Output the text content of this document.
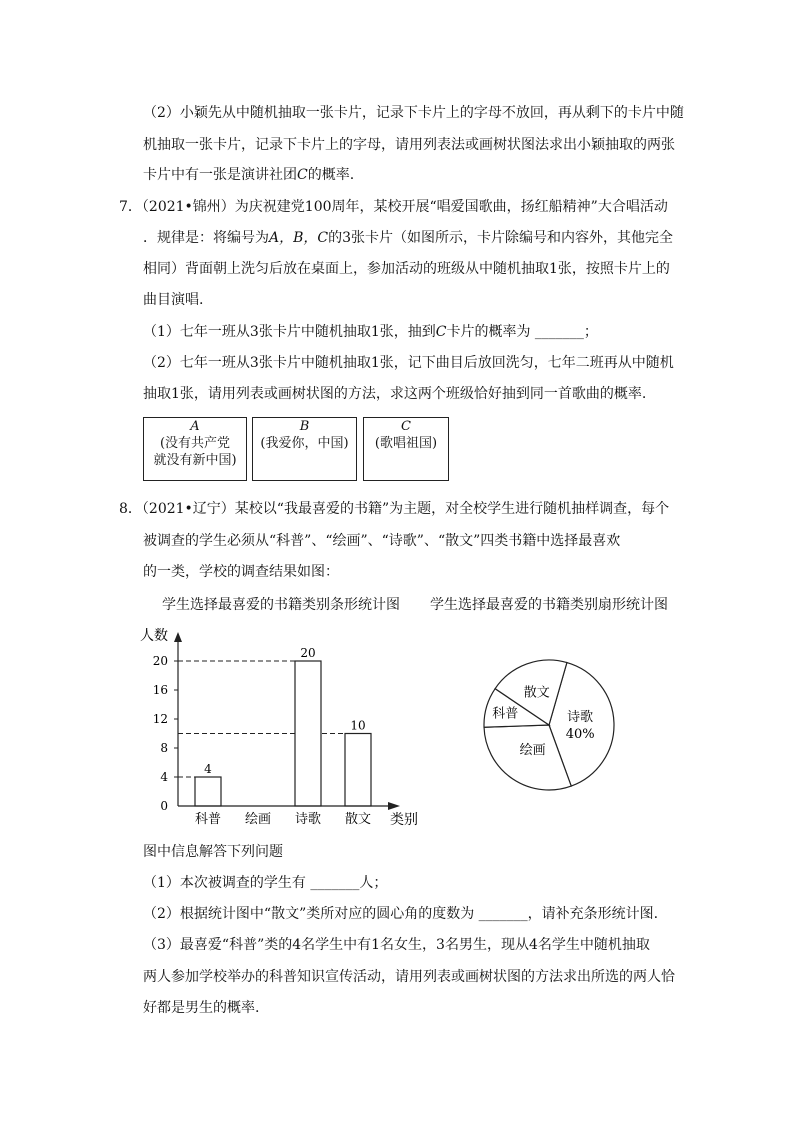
（2）小颖先从中随机抽取一张卡片，记录下卡片上的字母不放回，再从剩下的卡片中随
机抽取一张卡片，记录下卡片上的字母，请用列表法或画树状图法求出小颖抽取的两张
卡片中有一张是演讲社团C的概率.
7．（2021•锦州）为庆祝建党100周年，某校开展“唱爱国歌曲，扬红船精神”大合唱活动
．规律是：将编号为A，B，C的3张卡片（如图所示，卡片除编号和内容外，其他完全
相同）背面朝上洗匀后放在桌面上，参加活动的班级从中随机抽取1张，按照卡片上的
曲目演唱.
（1）七年一班从3张卡片中随机抽取1张，抽到C卡片的概率为 _______；
（2）七年一班从3张卡片中随机抽取1张，记下曲目后放回洗匀，七年二班再从中随机
抽取1张，请用列表或画树状图的方法，求这两个班级恰好抽到同一首歌曲的概率.
A
(没有共产党
就没有新中国)
B
(我爱你，中国)
C
(歌唱祖国)
8．（2021•辽宁）某校以“我最喜爱的书籍”为主题，对全校学生进行随机抽样调查，每个
被调查的学生必须从“科普”、“绘画”、“诗歌”、“散文”四类书籍中选择最喜欢
的一类，学校的调查结果如图：
学生选择最喜爱的书籍类别条形统计图 学生选择最喜爱的书籍类别扇形统计图
4
20
10
0
4
8
12
16
20
科普 绘画 诗歌 散文
人数
类别
诗歌
40%
绘画
科普
散文
图中信息解答下列问题
（1）本次被调查的学生有 _______人；
（2）根据统计图中“散文”类所对应的圆心角的度数为 _______，请补充条形统计图.
（3）最喜爱“科普”类的4名学生中有1名女生，3名男生，现从4名学生中随机抽取
两人参加学校举办的科普知识宣传活动，请用列表或画树状图的方法求出所选的两人恰
好都是男生的概率.
